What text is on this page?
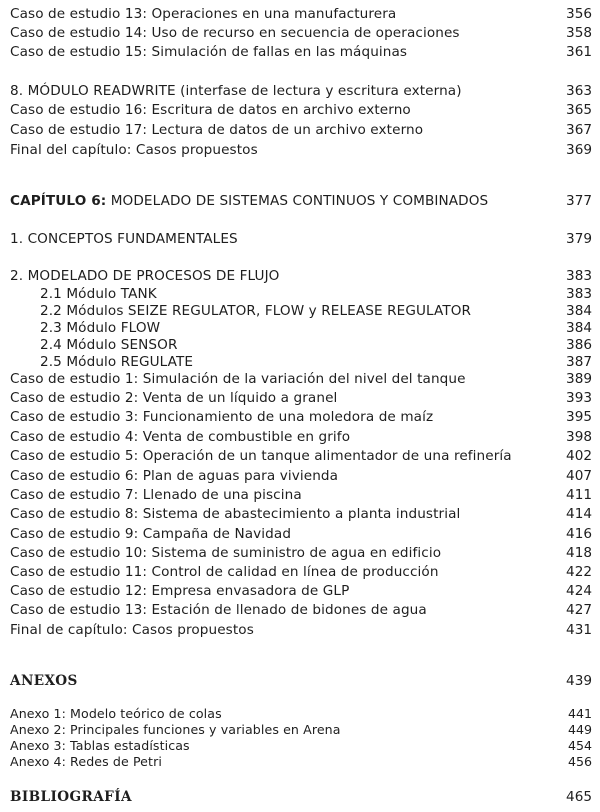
Caso de estudio 13: Operaciones en una manufacturera	356
Caso de estudio 14: Uso de recurso en secuencia de operaciones	358
Caso de estudio 15: Simulación de fallas en las máquinas	361
8. MÓDULO READWRITE (interfase de lectura y escritura externa)	363
Caso de estudio 16: Escritura de datos en archivo externo	365
Caso de estudio 17: Lectura de datos de un archivo externo	367
Final del capítulo: Casos propuestos	369
CAPÍTULO 6: MODELADO DE SISTEMAS CONTINUOS Y COMBINADOS	377
1. CONCEPTOS FUNDAMENTALES	379
2. MODELADO DE PROCESOS DE FLUJO	383
2.1 Módulo TANK	383
2.2 Módulos SEIZE REGULATOR, FLOW y RELEASE REGULATOR	384
2.3 Módulo FLOW	384
2.4 Módulo SENSOR	386
2.5 Módulo REGULATE	387
Caso de estudio 1: Simulación de la variación del nivel del tanque	389
Caso de estudio 2: Venta de un líquido a granel	393
Caso de estudio 3: Funcionamiento de una moledora de maíz	395
Caso de estudio 4: Venta de combustible en grifo	398
Caso de estudio 5: Operación de un tanque alimentador de una refinería	402
Caso de estudio 6: Plan de aguas para vivienda	407
Caso de estudio 7: Llenado de una piscina	411
Caso de estudio 8: Sistema de abastecimiento a planta industrial	414
Caso de estudio 9: Campaña de Navidad	416
Caso de estudio 10: Sistema de suministro de agua en edificio	418
Caso de estudio 11: Control de calidad en línea de producción	422
Caso de estudio 12: Empresa envasadora de GLP	424
Caso de estudio 13: Estación de llenado de bidones de agua	427
Final de capítulo: Casos propuestos	431
ANEXOS	439
Anexo 1: Modelo teórico de colas	441
Anexo 2: Principales funciones y variables en Arena	449
Anexo 3: Tablas estadísticas	454
Anexo 4: Redes de Petri	456
BIBLIOGRAFÍA	465
